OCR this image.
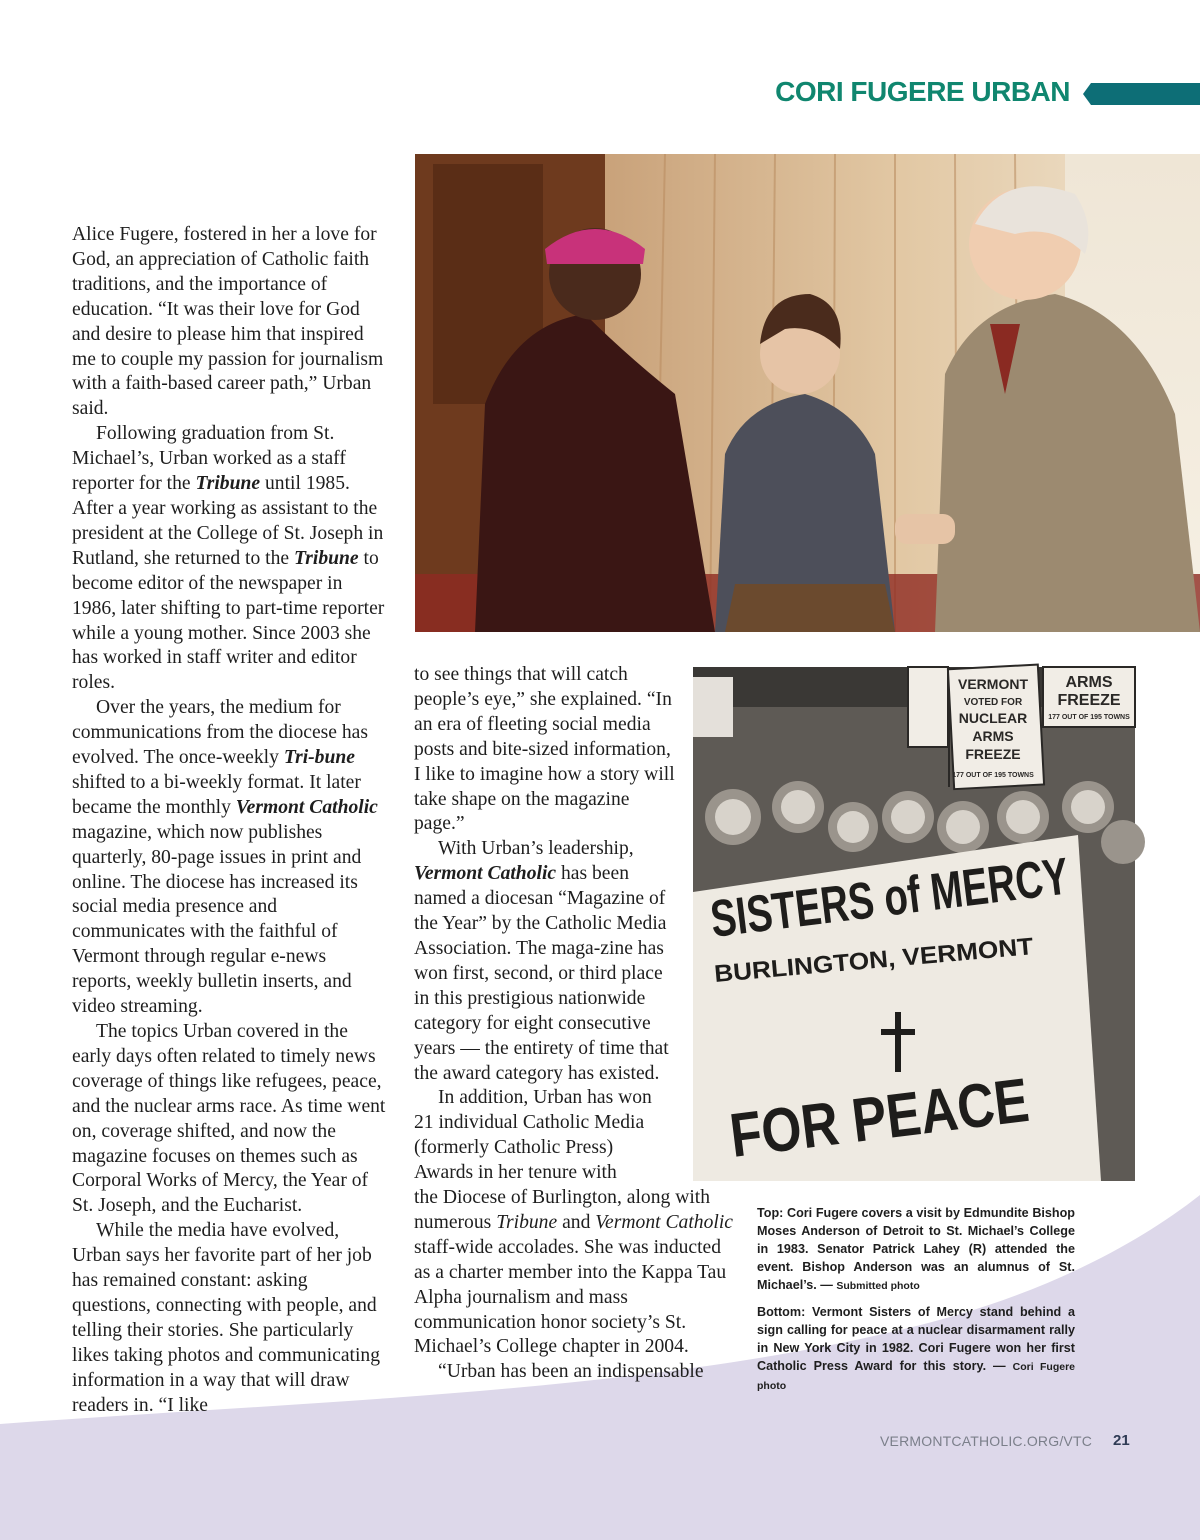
CORI FUGERE URBAN

Alice Fugere, fostered in her a love for God, an appreciation of Catholic faith traditions, and the importance of education. “It was their love for God and desire to please him that inspired me to couple my passion for journalism with a faith-based career path,” Urban said.

Following graduation from St. Michael’s, Urban worked as a staff reporter for the Tribune until 1985. After a year working as assistant to the president at the College of St. Joseph in Rutland, she returned to the Tribune to become editor of the newspaper in 1986, later shifting to part-time reporter while a young mother. Since 2003 she has worked in staff writer and editor roles.

Over the years, the medium for communications from the diocese has evolved. The once-weekly Tri-bune shifted to a bi-weekly format. It later became the monthly Vermont Catholic magazine, which now publishes quarterly, 80-page issues in print and online. The diocese has increased its social media presence and communicates with the faithful of Vermont through regular e-news reports, weekly bulletin inserts, and video streaming.

The topics Urban covered in the early days often related to timely news coverage of things like refugees, peace, and the nuclear arms race. As time went on, coverage shifted, and now the magazine focuses on themes such as Corporal Works of Mercy, the Year of St. Joseph, and the Eucharist.

While the media have evolved, Urban says her favorite part of her job has remained constant: asking questions, connecting with people, and telling their stories. She particularly likes taking photos and communicating information in a way that will draw readers in. “I like

to see things that will catch people’s eye,” she explained. “In an era of fleeting social media posts and bite-sized information, I like to imagine how a story will take shape on the magazine page.”

With Urban’s leadership, Vermont Catholic has been named a diocesan “Magazine of the Year” by the Catholic Media Association. The maga-zine has won first, second, or third place in this prestigious nationwide category for eight consecutive years — the entirety of time that the award category has existed.

In addition, Urban has won 21 individual Catholic Media (formerly Catholic Press) Awards in her tenure with

the Diocese of Burlington, along with numerous Tribune and Vermont Catholic staff-wide accolades. She was inducted as a charter member into the Kappa Tau Alpha journalism and mass communication honor society’s St. Michael’s College chapter in 2004.

“Urban has been an indispensable

VERMONT
VOTED FOR
NUCLEAR
ARMS
FREEZE
177 OUT OF 195 TOWNS
ARMS
FREEZE
177 OUT OF 195 TOWNS
SISTERS of MERCY
BURLINGTON, VERMONT
FOR PEACE

Top: Cori Fugere covers a visit by Edmundite Bishop Moses Anderson of Detroit to St. Michael’s College in 1983. Senator Patrick Lahey (R) attended the event. Bishop Anderson was an alumnus of St. Michael’s. — Submitted photo

Bottom: Vermont Sisters of Mercy stand behind a sign calling for peace at a nuclear disarmament rally in New York City in 1982. Cori Fugere won her first Catholic Press Award for this story. — Cori Fugere photo

VERMONTCATHOLIC.ORG/VTC 21
